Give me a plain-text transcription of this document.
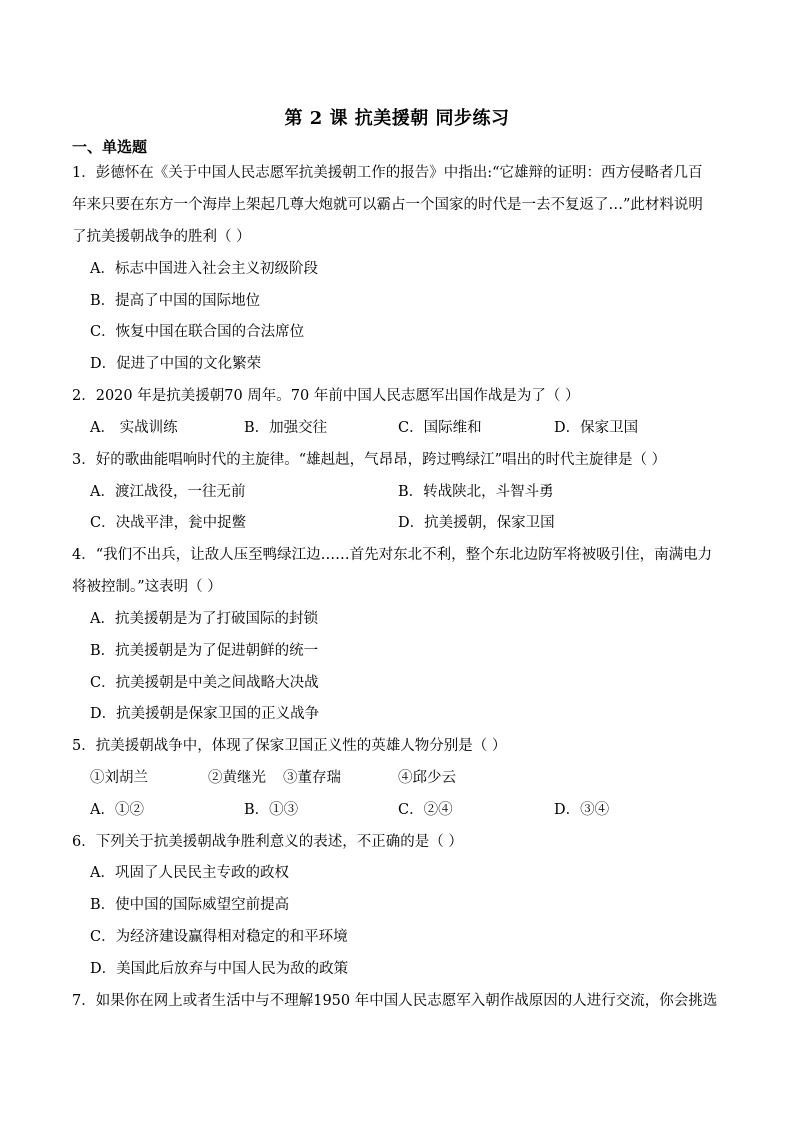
第 2 课 抗美援朝 同步练习
一、单选题
1．彭德怀在《关于中国人民志愿军抗美援朝工作的报告》中指出:“它雄辩的证明：西方侵略者几百
年来只要在东方一个海岸上架起几尊大炮就可以霸占一个国家的时代是一去不复返了…”此材料说明
了抗美援朝战争的胜利（ ）
A．标志中国进入社会主义初级阶段
B．提高了中国的国际地位
C．恢复中国在联合国的合法席位
D．促进了中国的文化繁荣
2．2020 年是抗美援朝70 周年。70 年前中国人民志愿军出国作战是为了（ ）
A． 实战训练	B．加强交往	C．国际维和	D．保家卫国
3．好的歌曲能唱响时代的主旋律。“雄赳赳，气昂昂，跨过鸭绿江”唱出的时代主旋律是（ ）
A．渡江战役，一往无前	B．转战陕北，斗智斗勇
C．决战平津，瓮中捉鳖	D．抗美援朝，保家卫国
4．“我们不出兵，让敌人压至鸭绿江边……首先对东北不利，整个东北边防军将被吸引住，南满电力
将被控制。”这表明（ ）
A．抗美援朝是为了打破国际的封锁
B．抗美援朝是为了促进朝鲜的统一
C．抗美援朝是中美之间战略大决战
D．抗美援朝是保家卫国的正义战争
5．抗美援朝战争中，体现了保家卫国正义性的英雄人物分别是（ ）
①刘胡兰	②黄继光 ③董存瑞	④邱少云
A．①②	B．①③	C．②④	D．③④
6．下列关于抗美援朝战争胜利意义的表述，不正确的是（ ）
A．巩固了人民民主专政的政权
B．使中国的国际威望空前提高
C．为经济建设赢得相对稳定的和平环境
D．美国此后放弃与中国人民为敌的政策
7．如果你在网上或者生活中与不理解1950 年中国人民志愿军入朝作战原因的人进行交流，你会挑选
